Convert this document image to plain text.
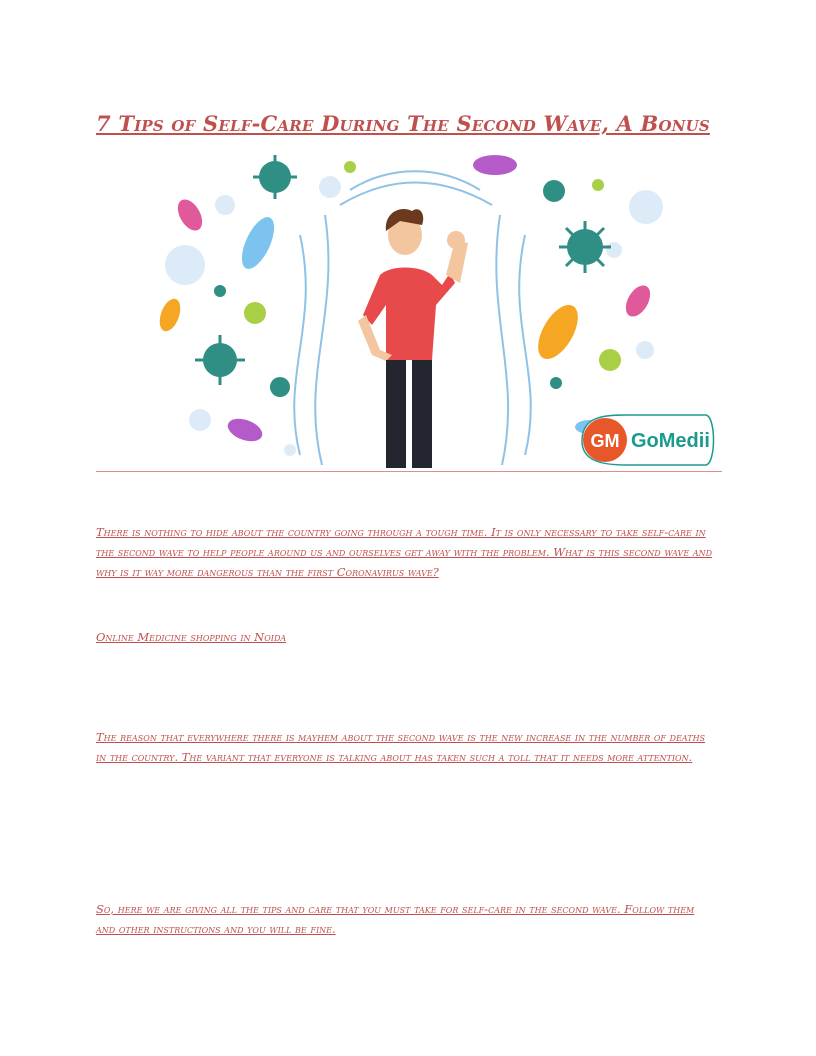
7 Tips of Self-Care During The Second Wave, A Bonus
GM GoMedii

There is nothing to hide about the country going through a tough time. It is only necessary to take self-care in the second wave to help people around us and ourselves get away with the problem. What is this second wave and why is it way more dangerous than the first Coronavirus wave?

Online Medicine shopping in Noida

The reason that everywhere there is mayhem about the second wave is the new increase in the number of deaths in the country. The variant that everyone is talking about has taken such a toll that it needs more attention.

So, here we are giving all the tips and care that you must take for self-care in the second wave. Follow them and other instructions and you will be fine.
